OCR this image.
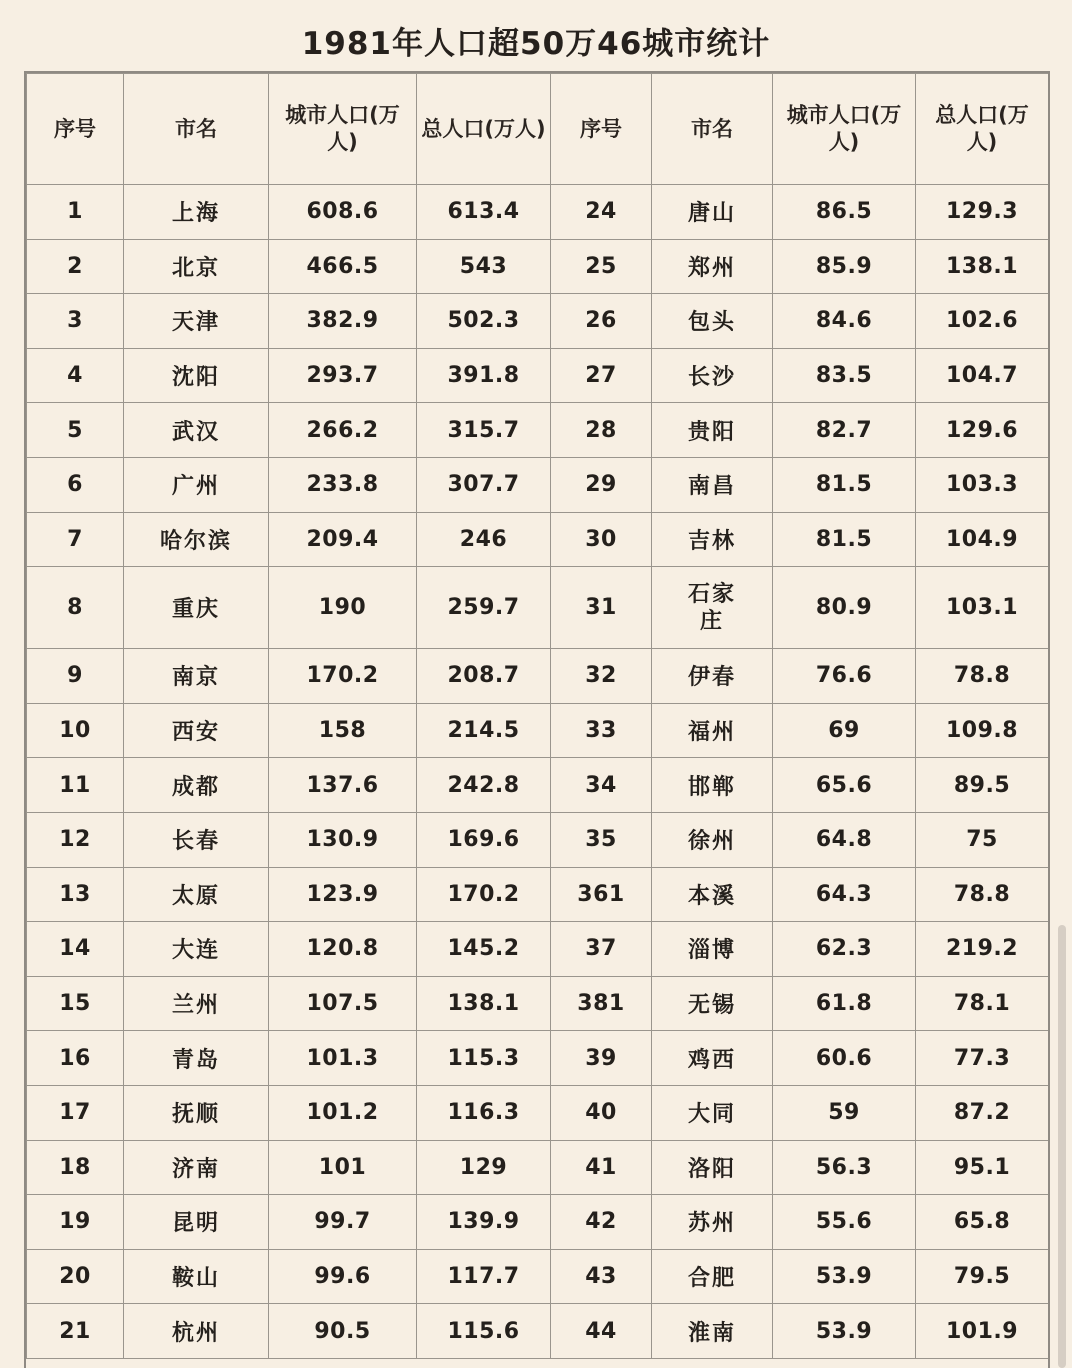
1981年人口超50万46城市统计
序号	市名	城市人口(万人)	总人口(万人)	序号	市名	城市人口(万人)	总人口(万人)
1	上海	608.6	613.4	24	唐山	86.5	129.3
2	北京	466.5	543	25	郑州	85.9	138.1
3	天津	382.9	502.3	26	包头	84.6	102.6
4	沈阳	293.7	391.8	27	长沙	83.5	104.7
5	武汉	266.2	315.7	28	贵阳	82.7	129.6
6	广州	233.8	307.7	29	南昌	81.5	103.3
7	哈尔滨	209.4	246	30	吉林	81.5	104.9
8	重庆	190	259.7	31	石家庄	80.9	103.1
9	南京	170.2	208.7	32	伊春	76.6	78.8
10	西安	158	214.5	33	福州	69	109.8
11	成都	137.6	242.8	34	邯郸	65.6	89.5
12	长春	130.9	169.6	35	徐州	64.8	75
13	太原	123.9	170.2	361	本溪	64.3	78.8
14	大连	120.8	145.2	37	淄博	62.3	219.2
15	兰州	107.5	138.1	381	无锡	61.8	78.1
16	青岛	101.3	115.3	39	鸡西	60.6	77.3
17	抚顺	101.2	116.3	40	大同	59	87.2
18	济南	101	129	41	洛阳	56.3	95.1
19	昆明	99.7	139.9	42	苏州	55.6	65.8
20	鞍山	99.6	117.7	43	合肥	53.9	79.5
21	杭州	90.5	115.6	44	淮南	53.9	101.9
